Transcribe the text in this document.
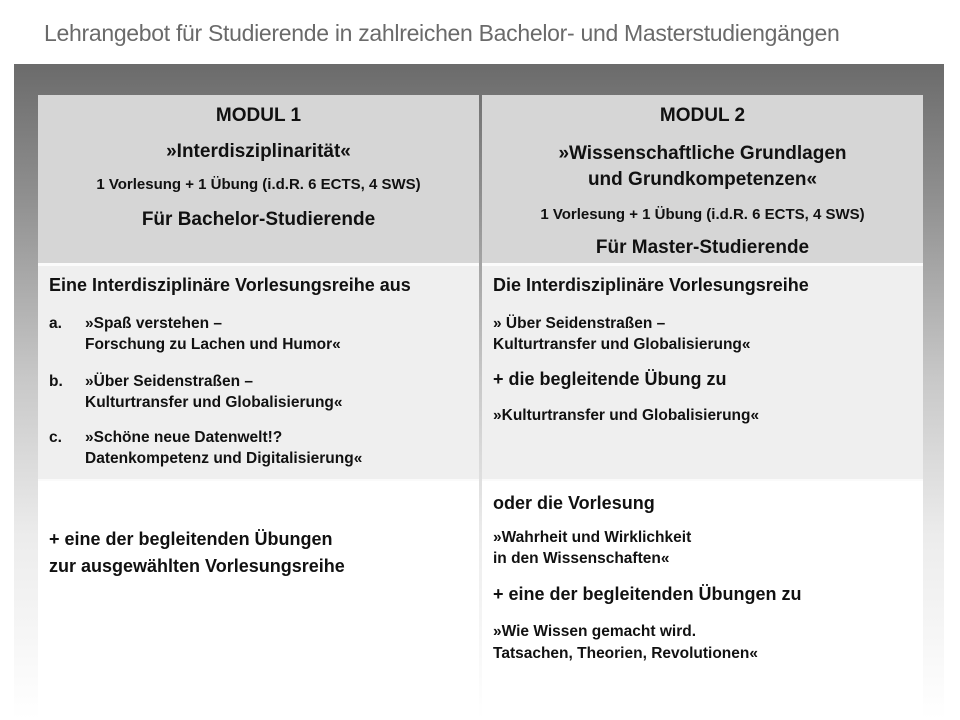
Lehrangebot für Studierende in zahlreichen Bachelor- und Masterstudiengängen
MODUL 1
»Interdisziplinarität«
1 Vorlesung + 1 Übung (i.d.R. 6 ECTS, 4 SWS)
Für Bachelor-Studierende
MODUL 2
»Wissenschaftliche Grundlagen
und Grundkompetenzen«
1 Vorlesung + 1 Übung (i.d.R. 6 ECTS, 4 SWS)
Für Master-Studierende
Eine Interdisziplinäre Vorlesungsreihe aus
a. »Spaß verstehen –
Forschung zu Lachen und Humor«
b. »Über Seidenstraßen –
Kulturtransfer und Globalisierung«
c. »Schöne neue Datenwelt!?
Datenkompetenz und Digitalisierung«
Die Interdisziplinäre Vorlesungsreihe
» Über Seidenstraßen –
Kulturtransfer und Globalisierung«
+ die begleitende Übung zu
»Kulturtransfer und Globalisierung«
+ eine der begleitenden Übungen
zur ausgewählten Vorlesungsreihe
oder die Vorlesung
»Wahrheit und Wirklichkeit
in den Wissenschaften«
+ eine der begleitenden Übungen zu
»Wie Wissen gemacht wird.
Tatsachen, Theorien, Revolutionen«
